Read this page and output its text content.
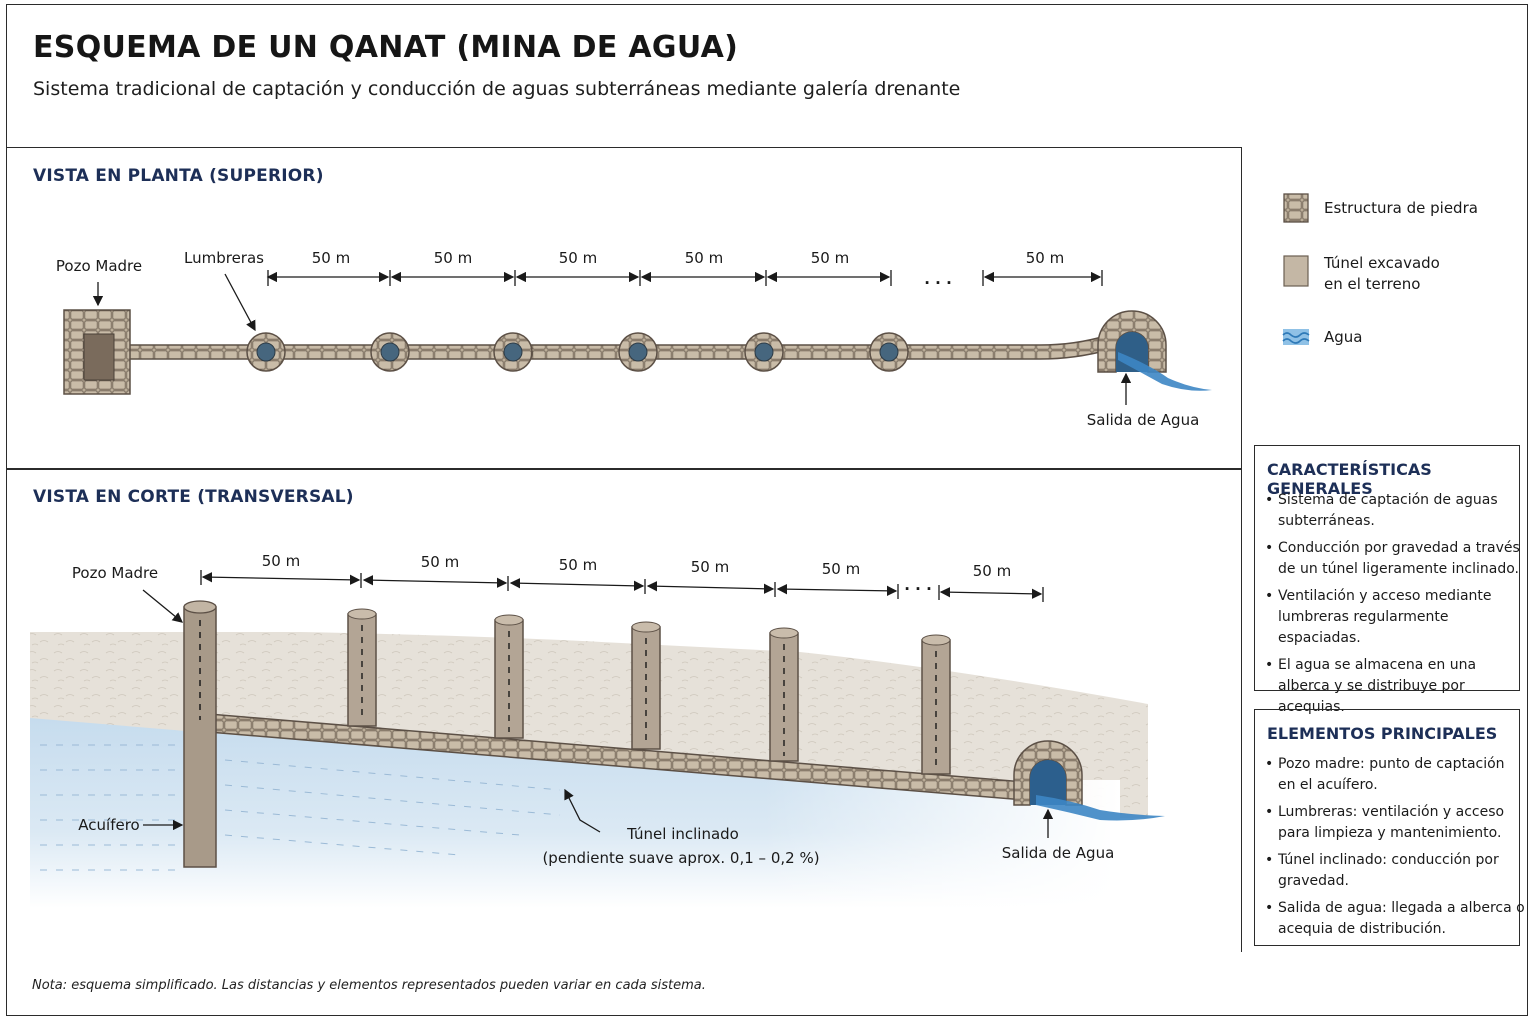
ESQUEMA DE UN QANAT (MINA DE AGUA)
Sistema tradicional de captación y conducción de aguas subterráneas mediante galería drenante
VISTA EN PLANTA (SUPERIOR)
Pozo Madre	Lumbreras	50 m	50 m	50 m	50 m	50 m
· · ·
50 m
Salida de Agua
VISTA EN CORTE (TRANSVERSAL)
Pozo Madre
50 m	50 m	50 m	50 m	50 m
· · ·
50 m
Acuífero	Túnel inclinado
(pendiente suave aprox. 0,1 – 0,2 %)	Salida de Agua
Estructura de piedra
Túnel excavado
en el terreno
Agua
CARACTERÍSTICAS GENERALES
• Sistema de captación de aguas subterráneas.
• Conducción por gravedad a través de un túnel ligeramente inclinado.
• Ventilación y acceso mediante lumbreras regularmente espaciadas.
• El agua se almacena en una alberca y se distribuye por acequias.
ELEMENTOS PRINCIPALES
• Pozo madre: punto de captación en el acuífero.
• Lumbreras: ventilación y acceso para limpieza y mantenimiento.
• Túnel inclinado: conducción por gravedad.
• Salida de agua: llegada a alberca o acequia de distribución.
Nota: esquema simplificado. Las distancias y elementos representados pueden variar en cada sistema.
